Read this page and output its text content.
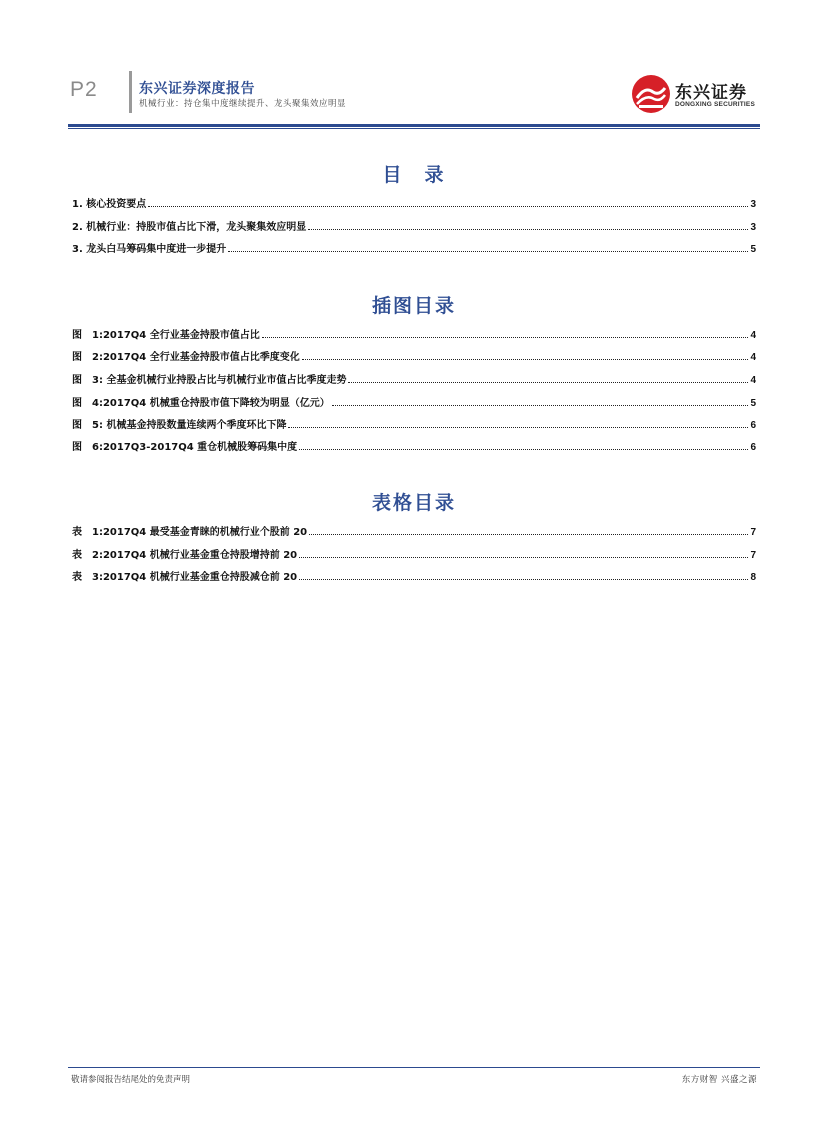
P2	东兴证券深度报告
机械行业：持仓集中度继续提升、龙头聚集效应明显
东兴证券
DONGXING SECURITIES
目　录
1. 核心投资要点	3
2. 机械行业：持股市值占比下滑，龙头聚集效应明显	3
3. 龙头白马筹码集中度进一步提升	5
插图目录
图　1:2017Q4 全行业基金持股市值占比	4
图　2:2017Q4 全行业基金持股市值占比季度变化	4
图　3: 全基金机械行业持股占比与机械行业市值占比季度走势	4
图　4:2017Q4 机械重仓持股市值下降较为明显（亿元）	5
图　5: 机械基金持股数量连续两个季度环比下降	6
图　6:2017Q3-2017Q4 重仓机械股筹码集中度	6
表格目录
表　1:2017Q4 最受基金青睐的机械行业个股前 20	7
表　2:2017Q4 机械行业基金重仓持股增持前 20	7
表　3:2017Q4 机械行业基金重仓持股减仓前 20	8
敬请参阅报告结尾处的免责声明	东方财智 兴盛之源
